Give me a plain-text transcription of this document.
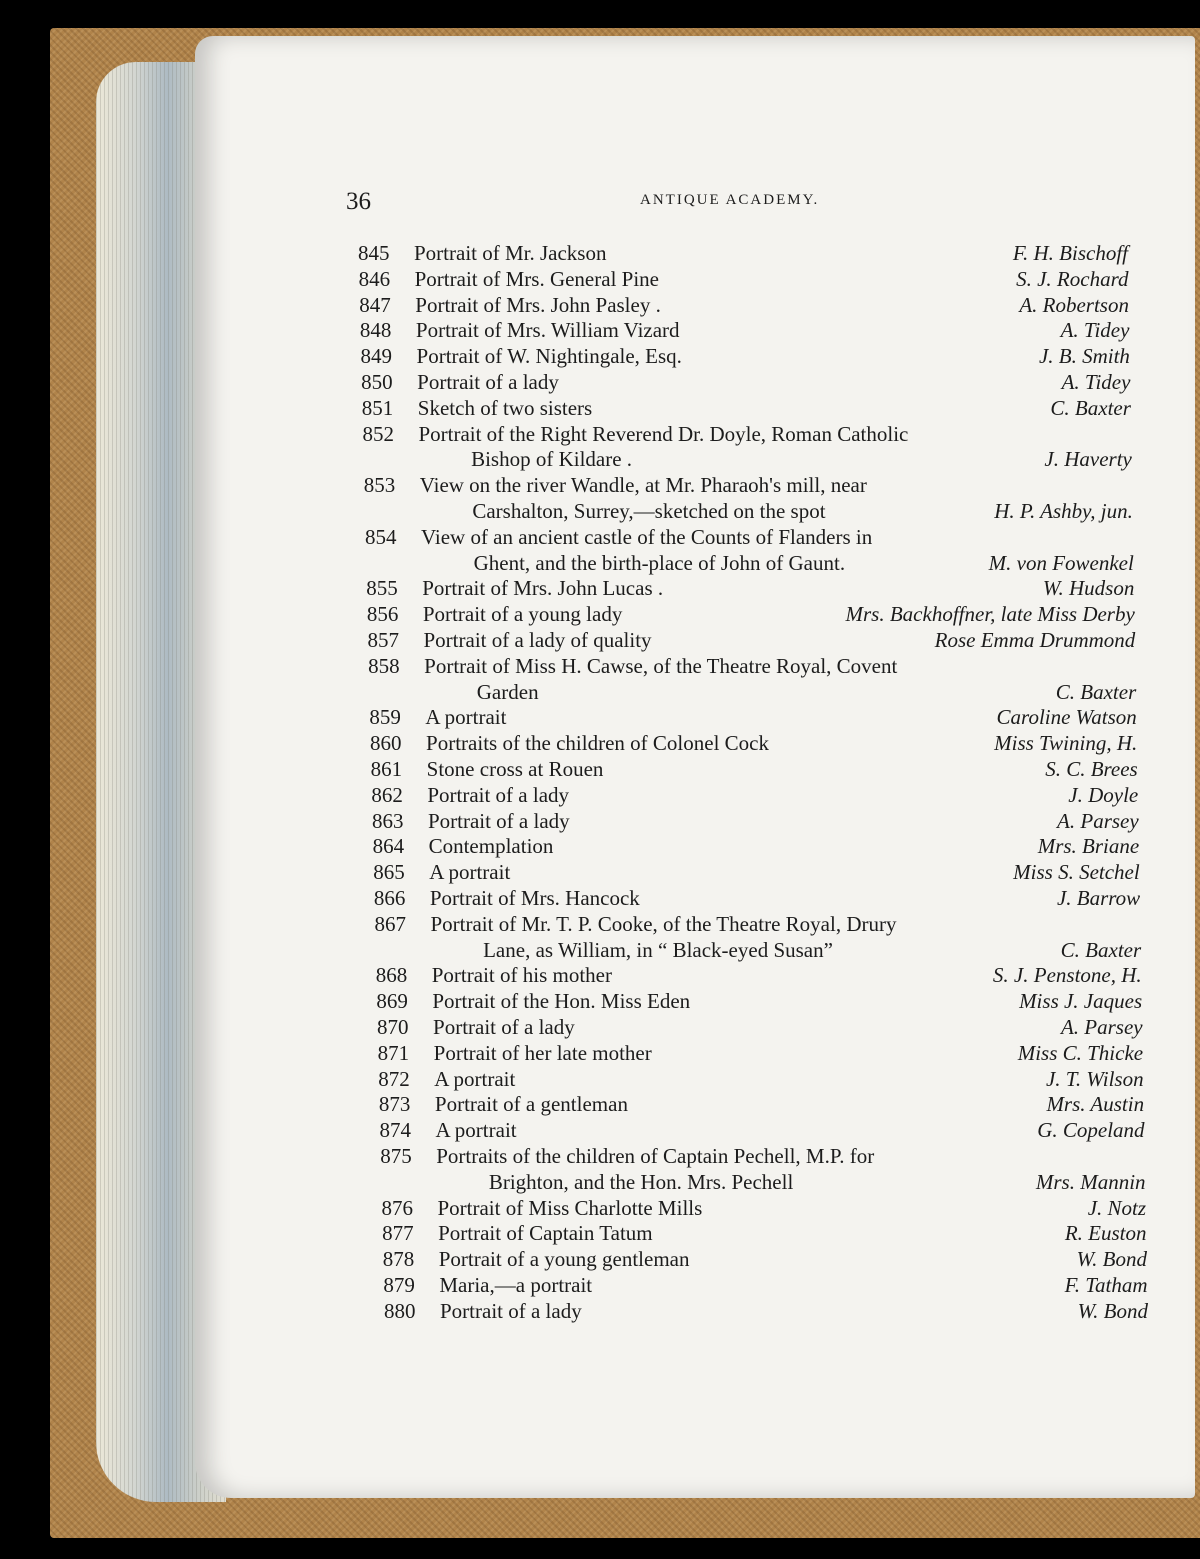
36	ANTIQUE ACADEMY.
845	Portrait of Mr. Jackson	F. H. Bischoff
846	Portrait of Mrs. General Pine	S. J. Rochard
847	Portrait of Mrs. John Pasley .	A. Robertson
848	Portrait of Mrs. William Vizard	A. Tidey
849	Portrait of W. Nightingale, Esq.	J. B. Smith
850	Portrait of a lady	A. Tidey
851	Sketch of two sisters	C. Baxter
852	Portrait of the Right Reverend Dr. Doyle, Roman Catholic
Bishop of Kildare .	J. Haverty
853	View on the river Wandle, at Mr. Pharaoh's mill, near
Carshalton, Surrey,—sketched on the spot	H. P. Ashby, jun.
854	View of an ancient castle of the Counts of Flanders in
Ghent, and the birth-place of John of Gaunt.	M. von Fowenkel
855	Portrait of Mrs. John Lucas .	W. Hudson
856	Portrait of a young lady	Mrs. Backhoffner, late Miss Derby
857	Portrait of a lady of quality	Rose Emma Drummond
858	Portrait of Miss H. Cawse, of the Theatre Royal, Covent
Garden	C. Baxter
859	A portrait	Caroline Watson
860	Portraits of the children of Colonel Cock	Miss Twining, H.
861	Stone cross at Rouen	S. C. Brees
862	Portrait of a lady	J. Doyle
863	Portrait of a lady	A. Parsey
864	Contemplation	Mrs. Briane
865	A portrait	Miss S. Setchel
866	Portrait of Mrs. Hancock	J. Barrow
867	Portrait of Mr. T. P. Cooke, of the Theatre Royal, Drury
Lane, as William, in “ Black-eyed Susan”	C. Baxter
868	Portrait of his mother	S. J. Penstone, H.
869	Portrait of the Hon. Miss Eden	Miss J. Jaques
870	Portrait of a lady	A. Parsey
871	Portrait of her late mother	Miss C. Thicke
872	A portrait	J. T. Wilson
873	Portrait of a gentleman	Mrs. Austin
874	A portrait	G. Copeland
875	Portraits of the children of Captain Pechell, M.P. for
Brighton, and the Hon. Mrs. Pechell	Mrs. Mannin
876	Portrait of Miss Charlotte Mills	J. Notz
877	Portrait of Captain Tatum	R. Euston
878	Portrait of a young gentleman	W. Bond
879	Maria,—a portrait	F. Tatham
880	Portrait of a lady	W. Bond
